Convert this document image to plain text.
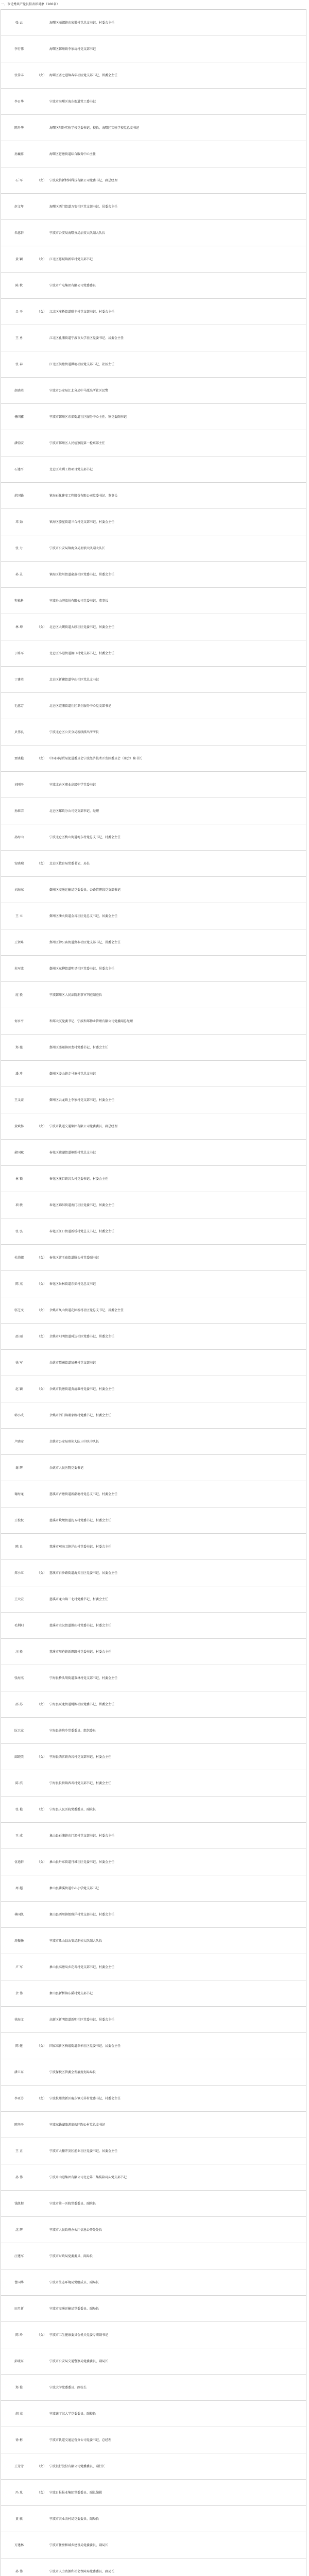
一、市优秀共产党员拟表彰对象（100名）
张 云	海曙区丽娜镇东家墩村党总支书记、村委会主任
李行伟	海曙区鄞州镇李家坑村党支部书记
张传丰	（女） 海曙区塞之港镇春华社区党支部书记、居委会主任
李日华	宁波市海曙区海东街道党工委书记
陈丹华	海曙区阳外实验学校党委书记、校长、海曙区实验学校党总支书记
孙巍祥	海曙区苍塘街道综合服务中心主任
石 军	（女） 宁波众信新材料科技有限公司党委书记、副总经理
赵文年	海曙区西门街道万安社区党支部书记、居委会主任
朱惠群	宁波市公安局海曙分局治安大队副大队长
黄 颖	（女） 江北区慈城镇新华村党支部书记
陈 秋	宁波市广电集团有限公司党委委员
吕 平	（女） 江北区庄桥街道联丰村党支部书记、村委会主任
王 勇	江北区孔浦街道宁波市大学社区党委书记、居委会主任
张 春	江北区洪塘街道洪塘社区党支部书记、社区主任
赵晓英	宁波市公安局江北分局中马派出所社区民警
杨国鑫	宁波市鄞州区东郊街道社区服务中心主任、镇党委副书记
潘钧安	宁波市鄞州区人民检察院第一检察部主任
石建平	北仑区水利工程项目党支部书记
范国锋	镇海石化建安工程股份有限公司党委书记、董事长
邓 劲	镇海区骆驼街道三合村党支部书记、村委会主任
张 力	宁波市公安局镇海分局刑侦大队副大队长
孙 灵	镇海区蛟川街道俞范社区党委书记、居委会主任
程松科	宁波舟山港股份有限公司党委书记、董事长
林 坤	（女） 北仑区大碶街道大碶社区党委书记、居委会主任
丁路军	北仑区小港街道渡口村党支部书记、村委会主任
丁建英	北仑区新碶街道华山社区党总支书记
毛惠芳	北仑区霞浦街道社区卫生服务中心党支部书记
贝伟良	宁波北仑区公安分局新碶派出所所长
贾晓艳	（女） 中国国际贸易促进委员会宁波经济技术开发区委员会（商会）秘书长
刘刚平	宁波北仑区职业高级中学党委书记
孙维宗	北仑区邮政分公司党支部书记、经理
孙海山	宁波北仑区梅山街道梅东村党总支书记、村委会主任
安晓瑞	（女） 北仑区教育局党委书记、局长
刘海东	鄞州区交通运输局党委委员、公路管理段党支部书记
王 立	鄞州区潘火街道金谷社区党总支书记、居委会主任
王贤峰	鄞州区钟公庙街道鄞奉社区党支部书记、居委会主任
朱军波	鄞州区东柳街道明星社区党委书记、居委会主任
庞 毅	宁波鄞州区人民法院刑事审判庭副庭长
何水平	和邦大厦党委书记、宁波和邦物业管理有限公司党委副总经理
郑 薇	鄞州区邱隘镇回龙村党委书记、村委会主任
潘 珍	鄞州区姜山镇走马塘村党总支书记
王义豪	鄞州区云龙镇上李家村党支部书记、村委会主任
黄斌扬	（女） 宁波市轨道交通集团有限公司党委委员、副总经理
俞国斌	奉化区莼湖街道桐照村党总支书记
林 锁	奉化区溪口镇岩头村党委书记、村委会主任
项 敏	奉化区锦屏街道南门社区党委书记、居委会主任
张 弘	奉化区江口街道新桥村党总支书记、村委会主任
杜幼娜	（女） 奉化区萧王庙街道滕头村党委副书记
陈 杰	（女） 奉化区岳林街道东郊村党总支书记
邬芝文	（女） 余姚市凤山街道花园新村社区党总支书记、居委会主任
邵 丽	（女） 余姚市阳明街道舜达社区党委书记、居委会主任
徐 军	余姚市梨洲街道冠佩村党支部书记
赵 颖	（女） 余姚市低塘街道黄清堰村党委书记、村委会主任
韩小成	余姚市泗门镇谢家路村党委书记、村委会主任
卢晓安	余姚市公安局刑侦大队三中队中队长
谢 辉	余姚市人民医院党委书记
谢海龙	慈溪市古塘街道新潮塘村党总支书记、村委会主任
王松权	慈溪市坎墩街道沈五村党委书记、村委会主任
陈 良	慈溪市观海卫镇洋山村党委书记、村委会主任
郑小红	（女） 慈溪市白沙路街道海关社区党委书记、居委会主任
王大宏	慈溪市龙山镇三北村党委书记、村委会主任
毛利阳	慈溪市宗汉街道胜山村党委书记、村委会主任
汪 毅	慈溪市周巷镇新缪路村党委书记、村委会主任
张海杰	宁海县桥头胡街道双林村党支部书记、村委会主任
邵 苏	（女） 宁海县跃龙街道桃源社区党委书记、居委会主任
阮卫家	宁海县茶院乡党委委员、组织委员
邱晓美	（女） 宁海县西店镇香岩村党支部书记、村委会主任
陈 滨	宁海县长街镇西岙村党支部书记、村委会主任
张 艳	（女） 宁海县人民医院党委委员、副院长
王 成	象山县石浦镇东门渔村党支部书记、村委会主任
伍迪群	（女） 象山县丹东街道丹城社区党委书记、居委会主任
周 超	象山县爵溪街道中心小学党支部书记
林国凯	象山县西周镇儒雅洋村党支部书记、村委会主任
周振扬	宁波市象山县公安局刑侦大队副大队长
卢 军	象山县高塘岛乡花岙村党支部书记、村委会主任
余 伟	象山县新桥镇东溪村党支部书记
徐海文	高新区新明街道新明社区党委书记、居委会主任
陈 健	（女） 国家高新区梅墟街道翠柏社区党委书记、居委会主任
潘卫东	宁波保税区管委会发展规划局局长
李亚芬	（女） 宁波杭州湾新区庵东镇元祥村党委书记、村委会主任
陈坚平	宁波东钱湖旅游度假区陶公村党总支书记
王 正	宁波市大榭开发区渔业社区党委书记、居委会主任
孙 伟	宁波舟山港集团有限公司北仑第三集装箱码头党支部书记
钱凯程	宁波市第一医院党委委员、副院长
沈 辉	宁波市人民政府办公厅信息公开处处长
汪建军	宁波市财政局党委委员、副局长
曹国华	宁波市生态环境局党组成员、副局长
田月新	宁波市交通运输局党委委员、副局长
陈 玲	（女） 宁波市卫生健康委员会机关党委专职副书记
彭晓东	宁波市公安局交通警察局党委委员、副局长
郑 俊	宁波大学党委委员、副校长
胡 杰	宁波诺丁汉大学党委委员、副校长
徐 彬	宁波市轨道交通运营分公司党委书记、总经理
王芳芳	（女） 宁波银行股份有限公司党委委员、副行长
冯 岚	（女） 宁波日报报业集团党委委员、副总编辑
黄 敏	宁波市农业农村局党委委员、副局长
方建林	宁波市住房和城乡建设局党委委员、副局长
孙 伟	宁波市人力资源和社会保障局党委委员、副局长
